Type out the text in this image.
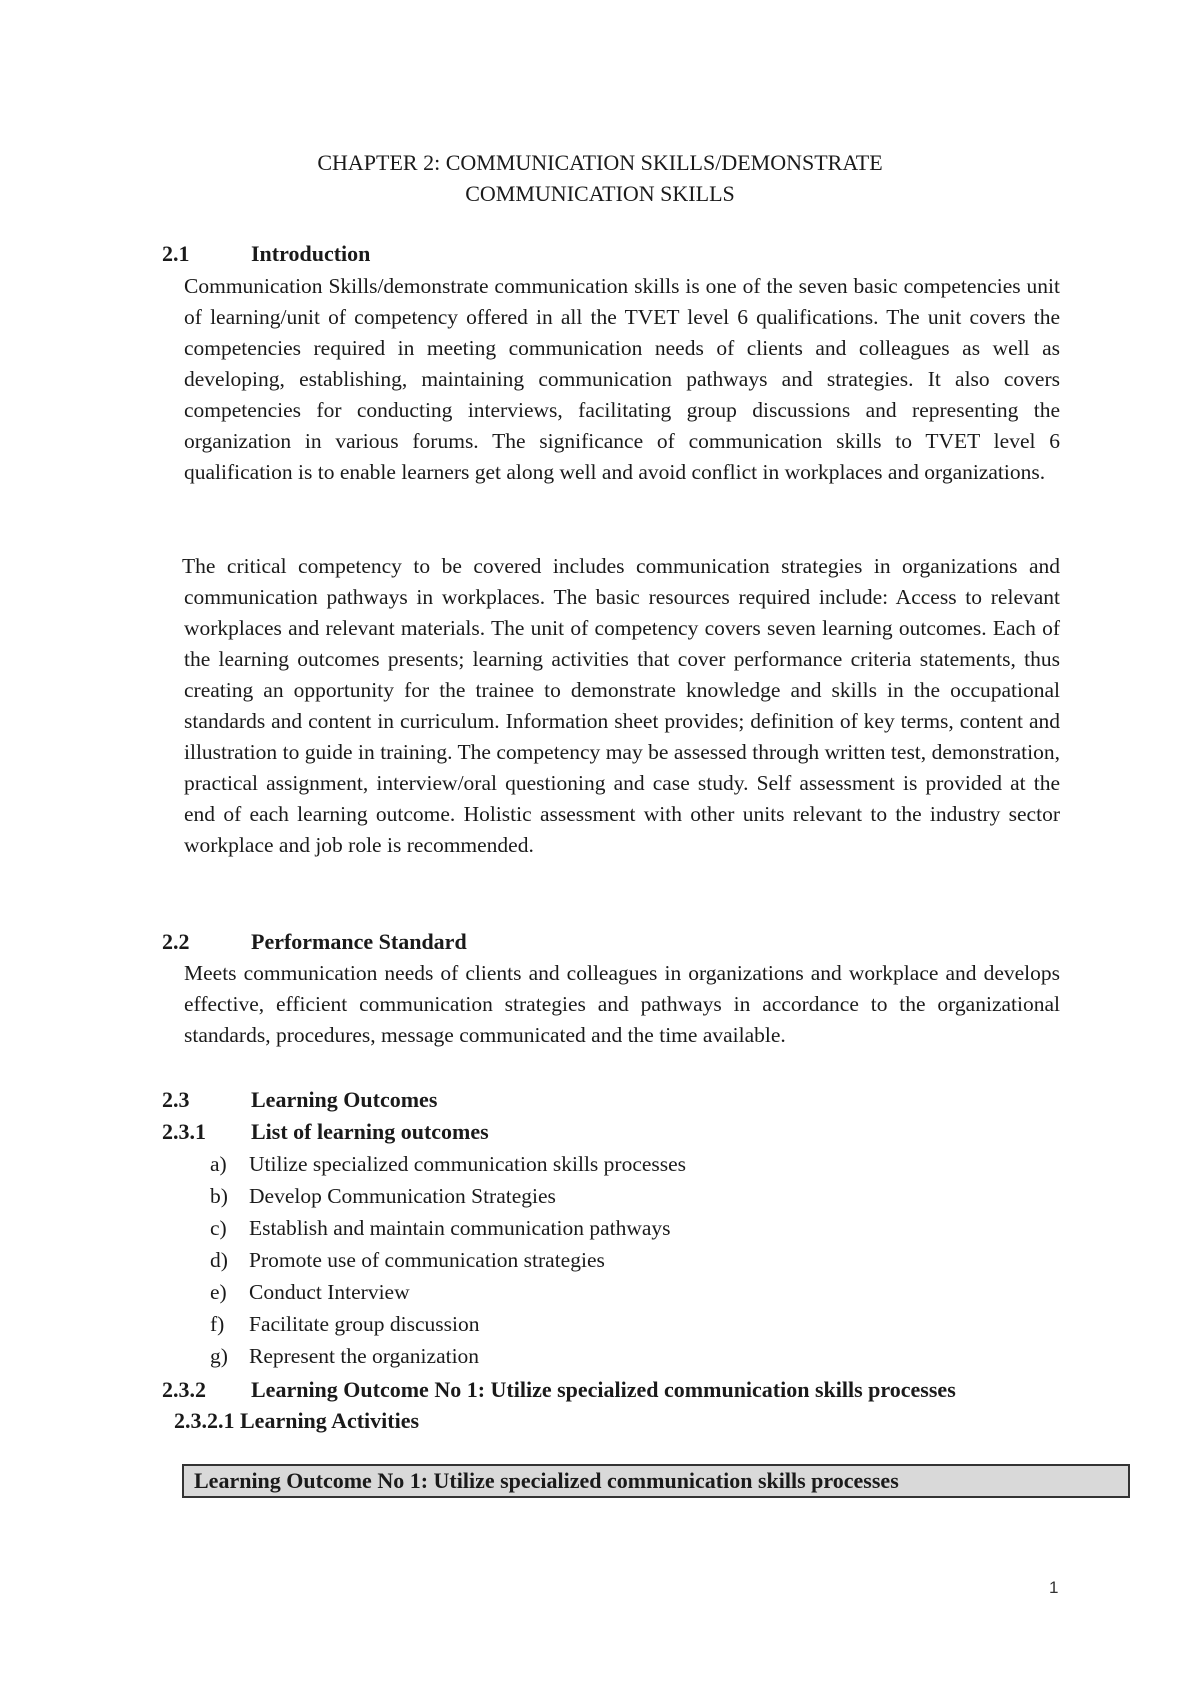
CHAPTER 2: COMMUNICATION SKILLS/DEMONSTRATE
COMMUNICATION SKILLS
2.1	Introduction

Communication Skills/demonstrate communication skills is one of the seven basic competencies unit of learning/unit of competency offered in all the TVET level 6 qualifications. The unit covers the competencies required in meeting communication needs of clients and colleagues as well as developing, establishing, maintaining communication pathways and strategies. It also covers competencies for conducting interviews, facilitating group discussions and representing the organization in various forums. The significance of communication skills to TVET level 6 qualification is to enable learners get along well and avoid conflict in workplaces and organizations.

The critical competency to be covered includes communication strategies in organizations and communication pathways in workplaces. The basic resources required include: Access to relevant workplaces and relevant materials. The unit of competency covers seven learning outcomes. Each of the learning outcomes presents; learning activities that cover performance criteria statements, thus creating an opportunity for the trainee to demonstrate knowledge and skills in the occupational standards and content in curriculum. Information sheet provides; definition of key terms, content and illustration to guide in training. The competency may be assessed through written test, demonstration, practical assignment, interview/oral questioning and case study. Self assessment is provided at the end of each learning outcome. Holistic assessment with other units relevant to the industry sector workplace and job role is recommended.

2.2	Performance Standard

Meets communication needs of clients and colleagues in organizations and workplace and develops effective, efficient communication strategies and pathways in accordance to the organizational standards, procedures, message communicated and the time available.

2.3	Learning Outcomes
2.3.1 List of learning outcomes
a) Utilize specialized communication skills processes
b) Develop Communication Strategies
c) Establish and maintain communication pathways
d) Promote use of communication strategies
e) Conduct Interview
f) Facilitate group discussion
g) Represent the organization
2.3.2 Learning Outcome No 1: Utilize specialized communication skills processes
2.3.2.1 Learning Activities
Learning Outcome No 1: Utilize specialized communication skills processes
1
